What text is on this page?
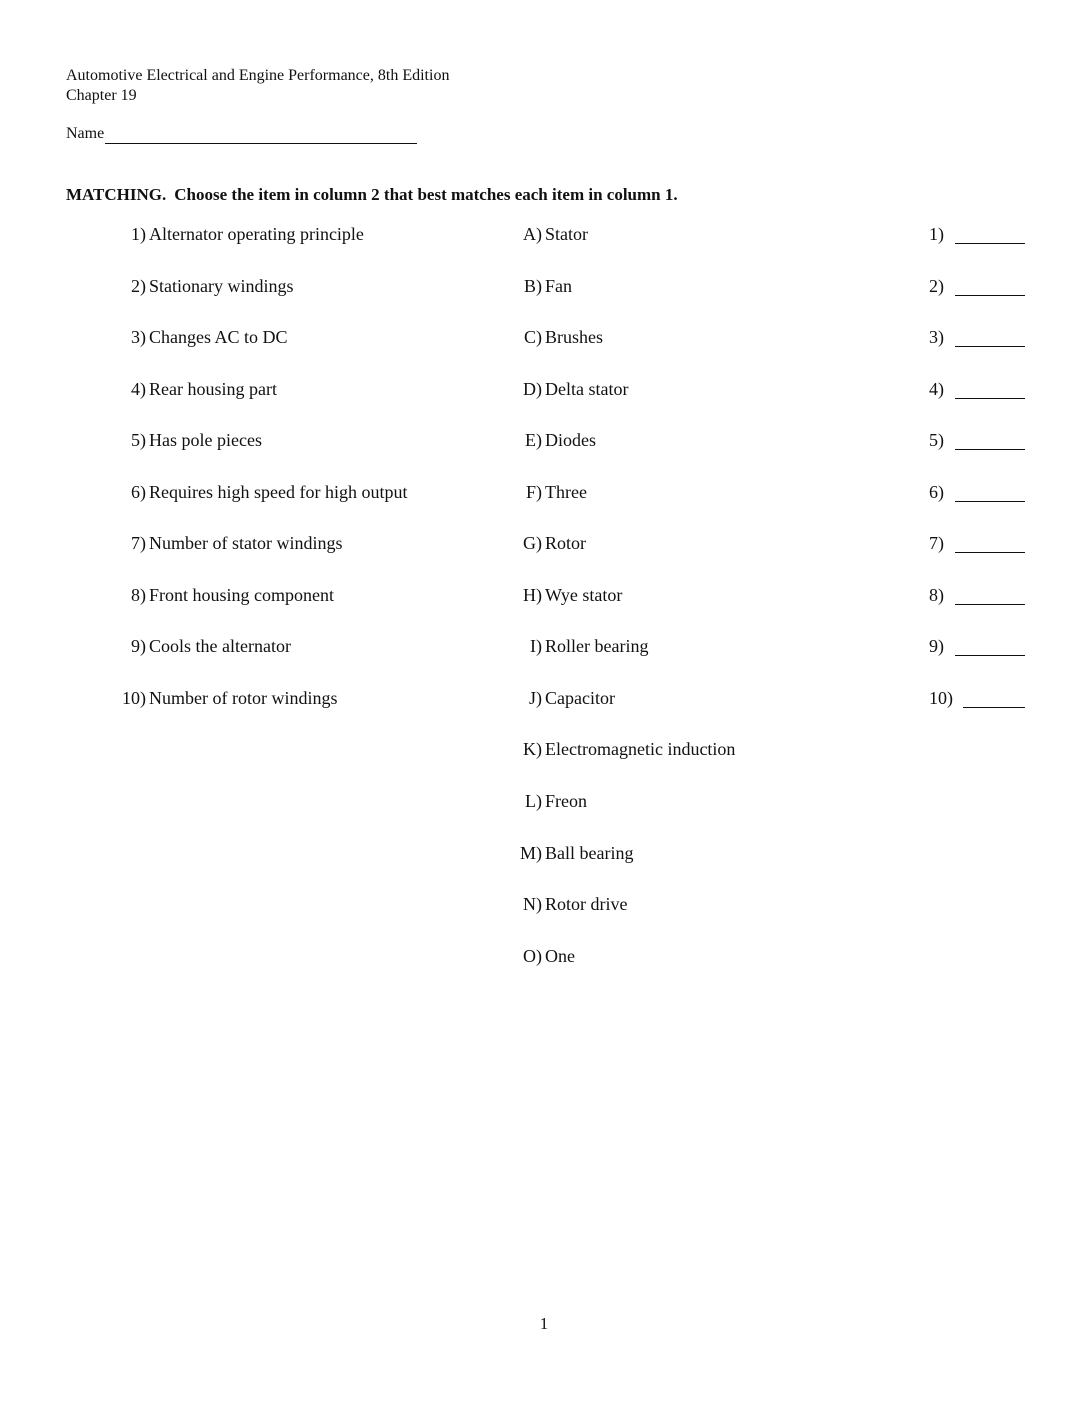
Automotive Electrical and Engine Performance, 8th Edition
Chapter 19
Name
MATCHING. Choose the item in column 2 that best matches each item in column 1.
1) Alternator operating principle
2) Stationary windings
3) Changes AC to DC
4) Rear housing part
5) Has pole pieces
6) Requires high speed for high output
7) Number of stator windings
8) Front housing component
9) Cools the alternator
10) Number of rotor windings
A) Stator
B) Fan
C) Brushes
D) Delta stator
E) Diodes
F) Three
G) Rotor
H) Wye stator
I) Roller bearing
J) Capacitor
K) Electromagnetic induction
L) Freon
M) Ball bearing
N) Rotor drive
O) One
1)
2)
3)
4)
5)
6)
7)
8)
9)
10)
1
